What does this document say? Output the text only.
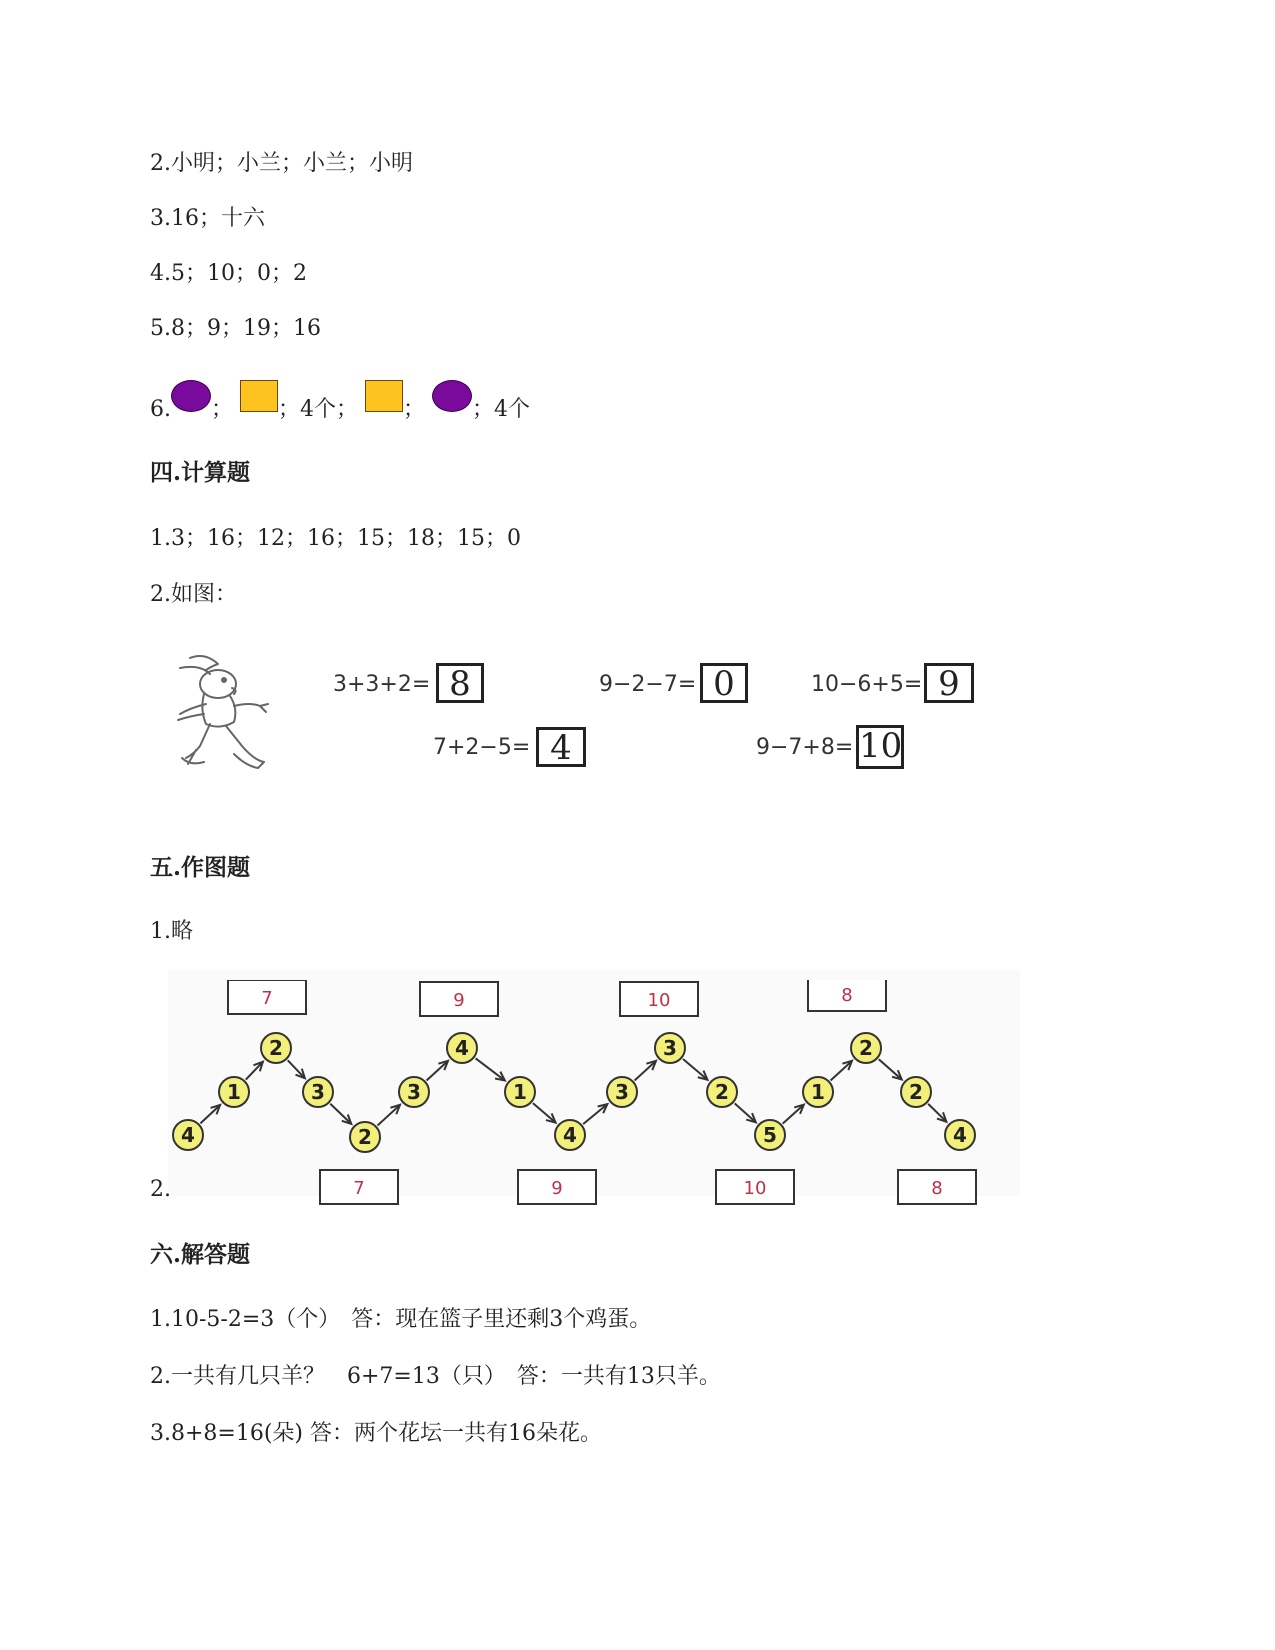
2.小明；小兰；小兰；小明
3.16；十六
4.5；10；0；2
5.8；9；19；16
6. ； ；4个； ； ；4个
四.计算题
1.3；16；12；16；15；18；15；0
2.如图：
3+3+2= 8	9−2−7= 0	10−6+5= 9
7+2−5= 4	9−7+8= 10
五.作图题
1.略
4
1
2
3
2
3
4
1
4
3
3
2
5
1
2
2
4
7	9	10	8
7	9	10	8
2.
六.解答题
1.10-5-2=3（个）　答：现在篮子里还剩3个鸡蛋。
2.一共有几只羊？　6+7=13（只）　答：一共有13只羊。
3.8+8=16(朵) 答：两个花坛一共有16朵花。
